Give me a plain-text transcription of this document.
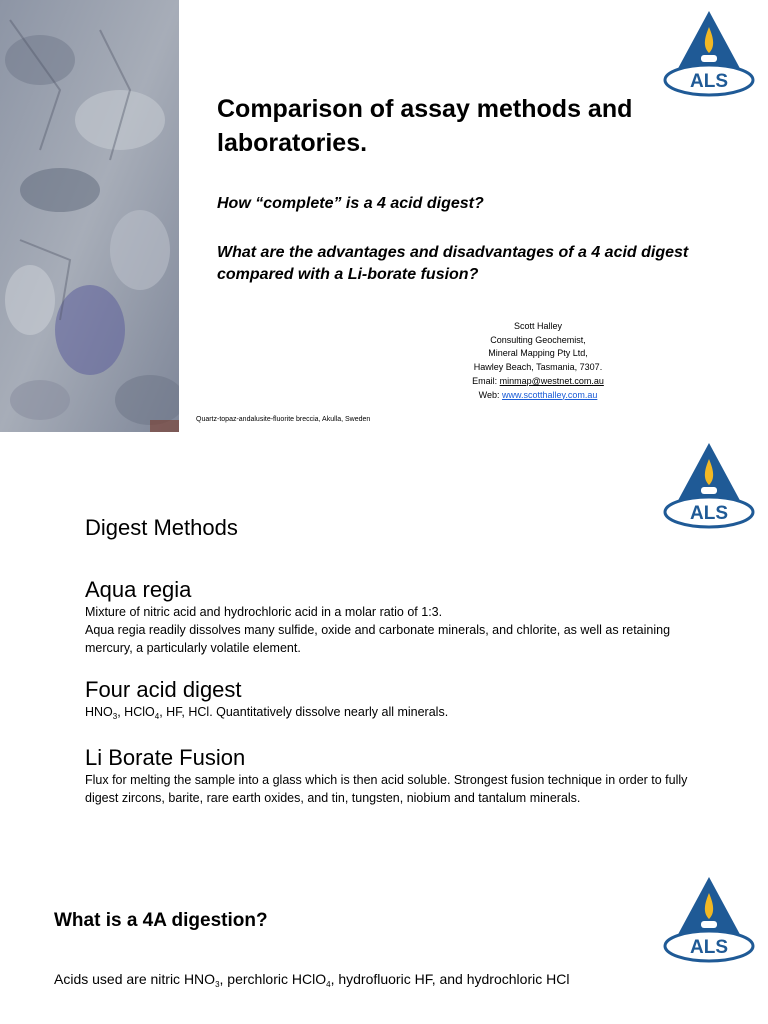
ALS
Comparison of assay methods and laboratories.
How “complete” is a 4 acid digest?
What are the advantages and disadvantages of a 4 acid digest compared with a Li-borate fusion?
Scott Halley
Consulting Geochemist,
Mineral Mapping Pty Ltd,
Hawley Beach, Tasmania, 7307.
Email: minmap@westnet.com.au
Web: www.scotthalley.com.au
Quartz-topaz-andalusite-fluorite breccia, Akulla, Sweden
ALS
Digest Methods
Aqua regia
Mixture of nitric acid and hydrochloric acid in a molar ratio of 1:3.
Aqua regia readily dissolves many sulfide, oxide and carbonate minerals, and chlorite, as well as retaining mercury, a particularly volatile element.
Four acid digest
$HNO_3$, HClO$_4$, HF, HCl. Quantitatively dissolve nearly all minerals.
Li Borate Fusion
Flux for melting the sample into a glass which is then acid soluble. Strongest fusion technique in order to fully digest zircons, barite, rare earth oxides, and tin, tungsten, niobium and tantalum minerals.
ALS
What is a 4A digestion?
Acids used are nitric $HNO_3$, perchloric HClO$_4$, hydrofluoric HF, and hydrochloric HCl
